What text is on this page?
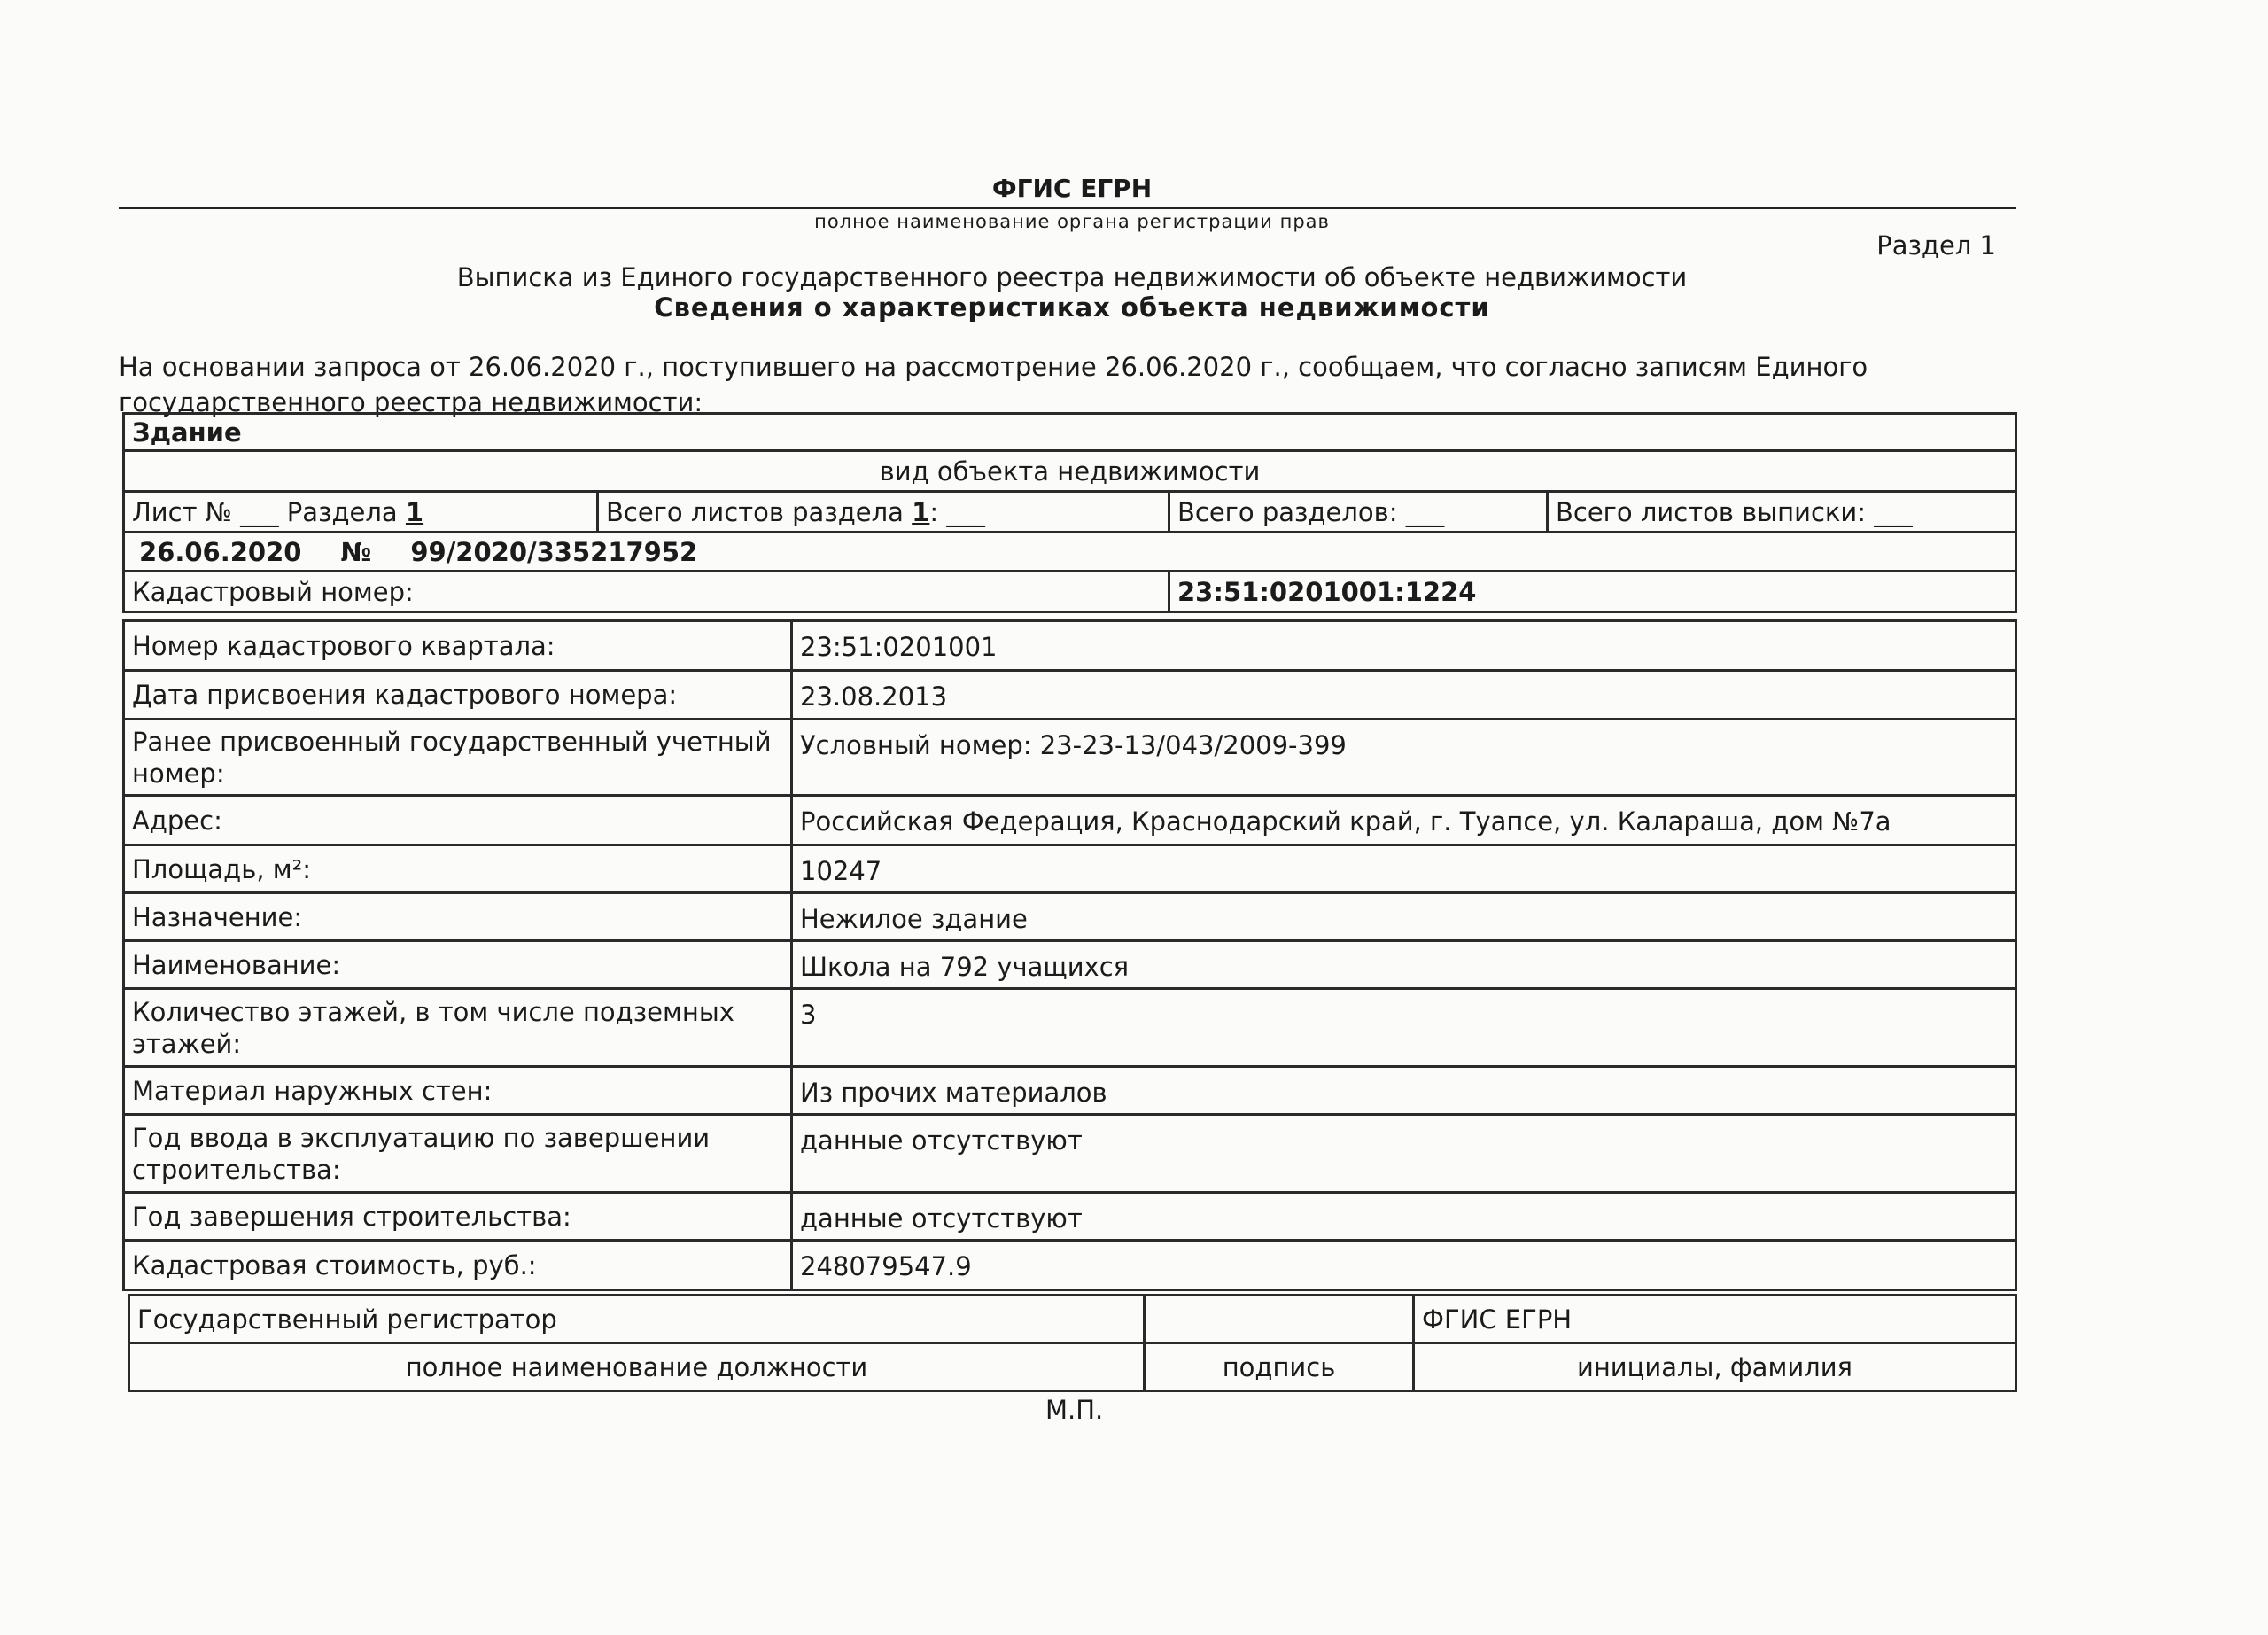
ФГИС ЕГРН
полное наименование органа регистрации прав
Раздел 1
Выписка из Единого государственного реестра недвижимости об объекте недвижимости
Сведения о характеристиках объекта недвижимости
На основании запроса от 26.06.2020 г., поступившего на рассмотрение 26.06.2020 г., сообщаем, что согласно записям Единого государственного реестра недвижимости:
Здание			
вид объекта недвижимости			
Лист № ___ Раздела 1	Всего листов раздела 1: ___	Всего разделов: ___	Всего листов выписки: ___
26.06.2020 № 99/2020/335217952			
Кадастровый номер:		23:51:0201001:1224	
Номер кадастрового квартала:	23:51:0201001
Дата присвоения кадастрового номера:	23.08.2013
Ранее присвоенный государственный учетный номер:	Условный номер: 23-23-13/043/2009-399
Адрес:	Российская Федерация, Краснодарский край, г. Туапсе, ул. Калараша, дом №7а
Площадь, м²:	10247
Назначение:	Нежилое здание
Наименование:	Школа на 792 учащихся
Количество этажей, в том числе подземных этажей:	3
Материал наружных стен:	Из прочих материалов
Год ввода в эксплуатацию по завершении строительства:	данные отсутствуют
Год завершения строительства:	данные отсутствуют
Кадастровая стоимость, руб.:	248079547.9
Государственный регистратор		ФГИС ЕГРН
полное наименование должности	подпись	инициалы, фамилия
М.П.
